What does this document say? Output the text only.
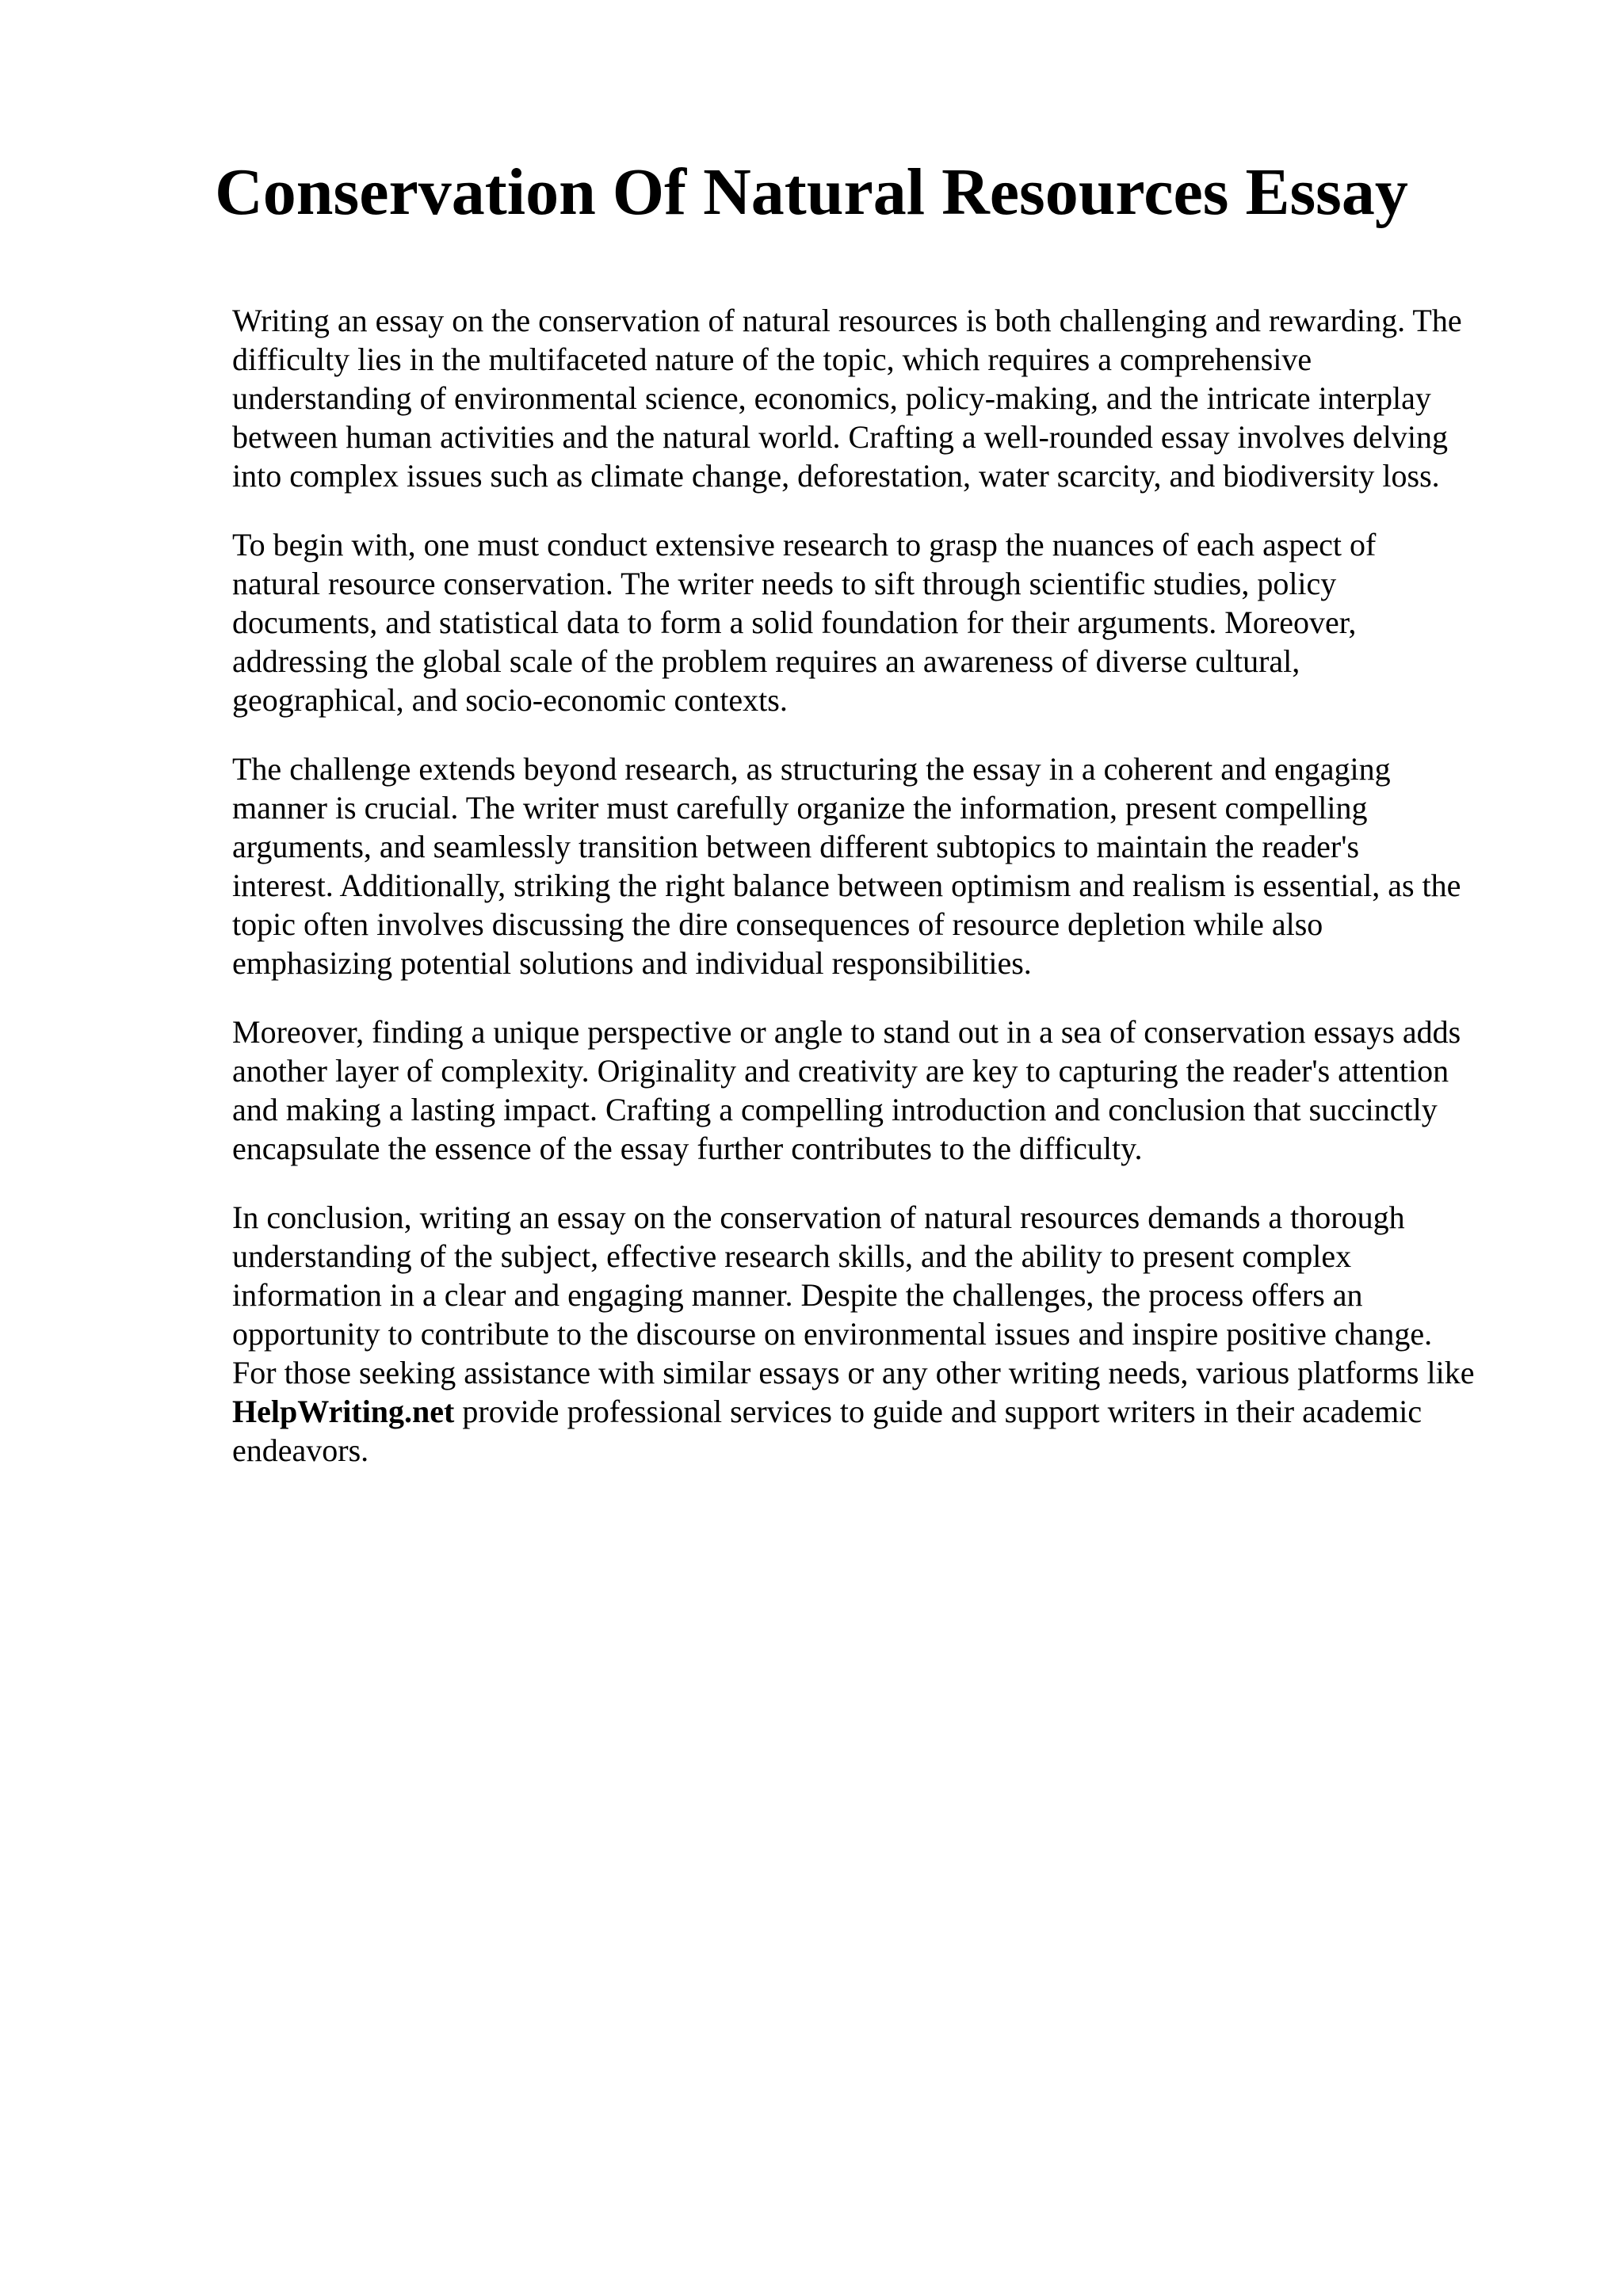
Conservation Of Natural Resources Essay

Writing an essay on the conservation of natural resources is both challenging and rewarding. The
difficulty lies in the multifaceted nature of the topic, which requires a comprehensive
understanding of environmental science, economics, policy-making, and the intricate interplay
between human activities and the natural world. Crafting a well-rounded essay involves delving
into complex issues such as climate change, deforestation, water scarcity, and biodiversity loss.

To begin with, one must conduct extensive research to grasp the nuances of each aspect of
natural resource conservation. The writer needs to sift through scientific studies, policy
documents, and statistical data to form a solid foundation for their arguments. Moreover,
addressing the global scale of the problem requires an awareness of diverse cultural,
geographical, and socio-economic contexts.

The challenge extends beyond research, as structuring the essay in a coherent and engaging
manner is crucial. The writer must carefully organize the information, present compelling
arguments, and seamlessly transition between different subtopics to maintain the reader's
interest. Additionally, striking the right balance between optimism and realism is essential, as the
topic often involves discussing the dire consequences of resource depletion while also
emphasizing potential solutions and individual responsibilities.

Moreover, finding a unique perspective or angle to stand out in a sea of conservation essays adds
another layer of complexity. Originality and creativity are key to capturing the reader's attention
and making a lasting impact. Crafting a compelling introduction and conclusion that succinctly
encapsulate the essence of the essay further contributes to the difficulty.

In conclusion, writing an essay on the conservation of natural resources demands a thorough
understanding of the subject, effective research skills, and the ability to present complex
information in a clear and engaging manner. Despite the challenges, the process offers an
opportunity to contribute to the discourse on environmental issues and inspire positive change.
For those seeking assistance with similar essays or any other writing needs, various platforms like
HelpWriting.net provide professional services to guide and support writers in their academic
endeavors.
